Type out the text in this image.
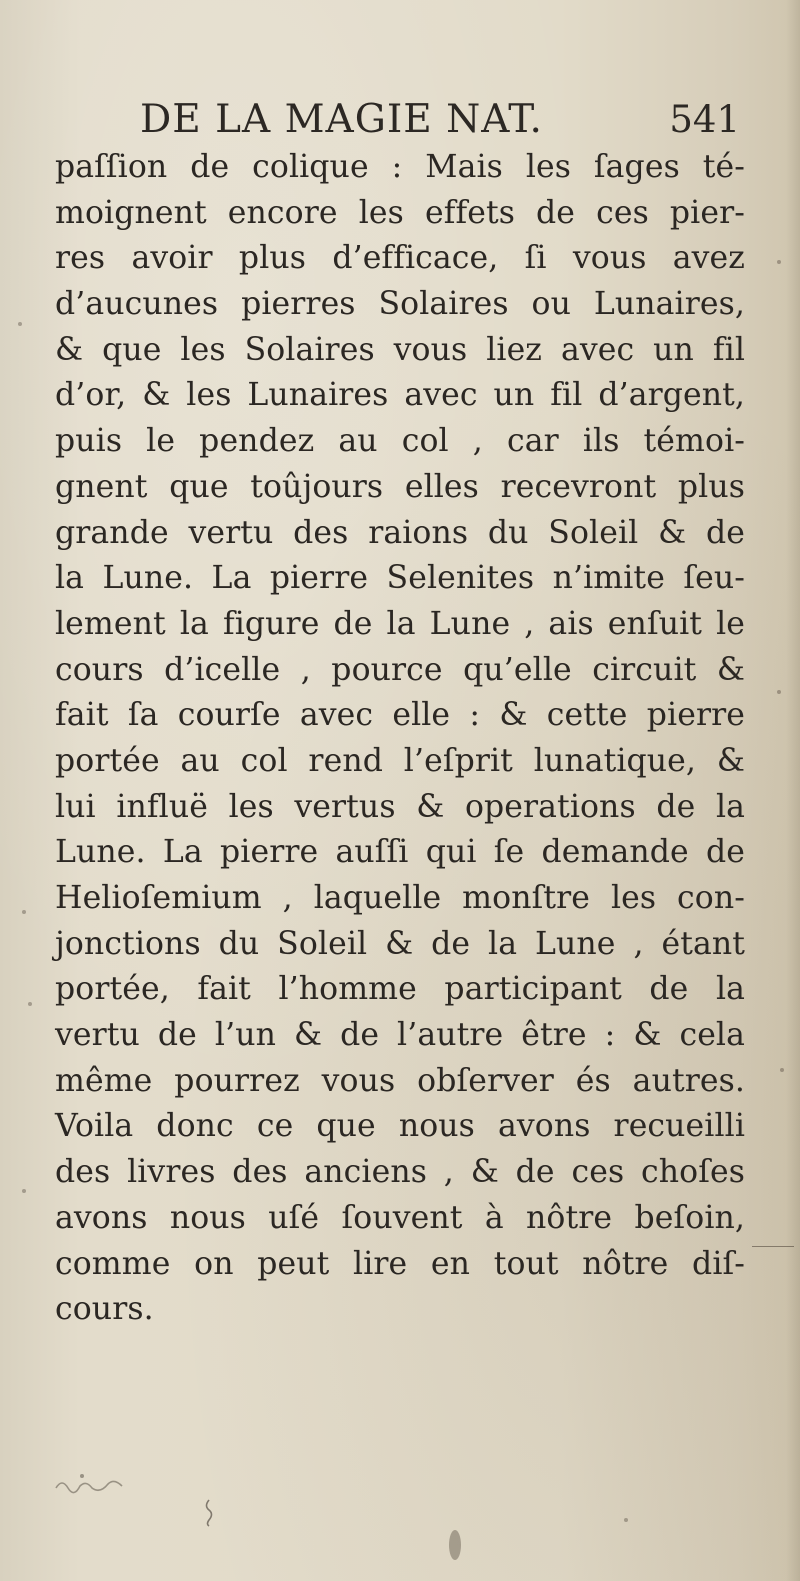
DE LA MAGIE NAT.	541
paſſion de colique : Mais les ſages té-
moignent encore les effets de ces pier-
res avoir plus d’efficace, ſi vous avez
d’aucunes pierres Solaires ou Lunaires,
& que les Solaires vous liez avec un fil
d’or, & les Lunaires avec un fil d’argent,
puis le pendez au col , car ils témoi-
gnent que toûjours elles recevront plus
grande vertu des raions du Soleil & de
la Lune. La pierre Selenites n’imite ſeu-
lement la figure de la Lune , ais enſuit le
cours d’icelle , pource qu’elle circuit &
fait ſa courſe avec elle : & cette pierre
portée au col rend l’eſprit lunatique, &
lui influë les vertus & operations de la
Lune. La pierre auſſi qui ſe demande de
Helioſemium , laquelle monſtre les con-
jonctions du Soleil & de la Lune , étant
portée, fait l’homme participant de la
vertu de l’un & de l’autre être : & cela
même pourrez vous obſerver és autres.
Voila donc ce que nous avons recueilli
des livres des anciens , & de ces choſes
avons nous uſé ſouvent à nôtre beſoin,
comme on peut lire en tout nôtre diſ-
cours.
